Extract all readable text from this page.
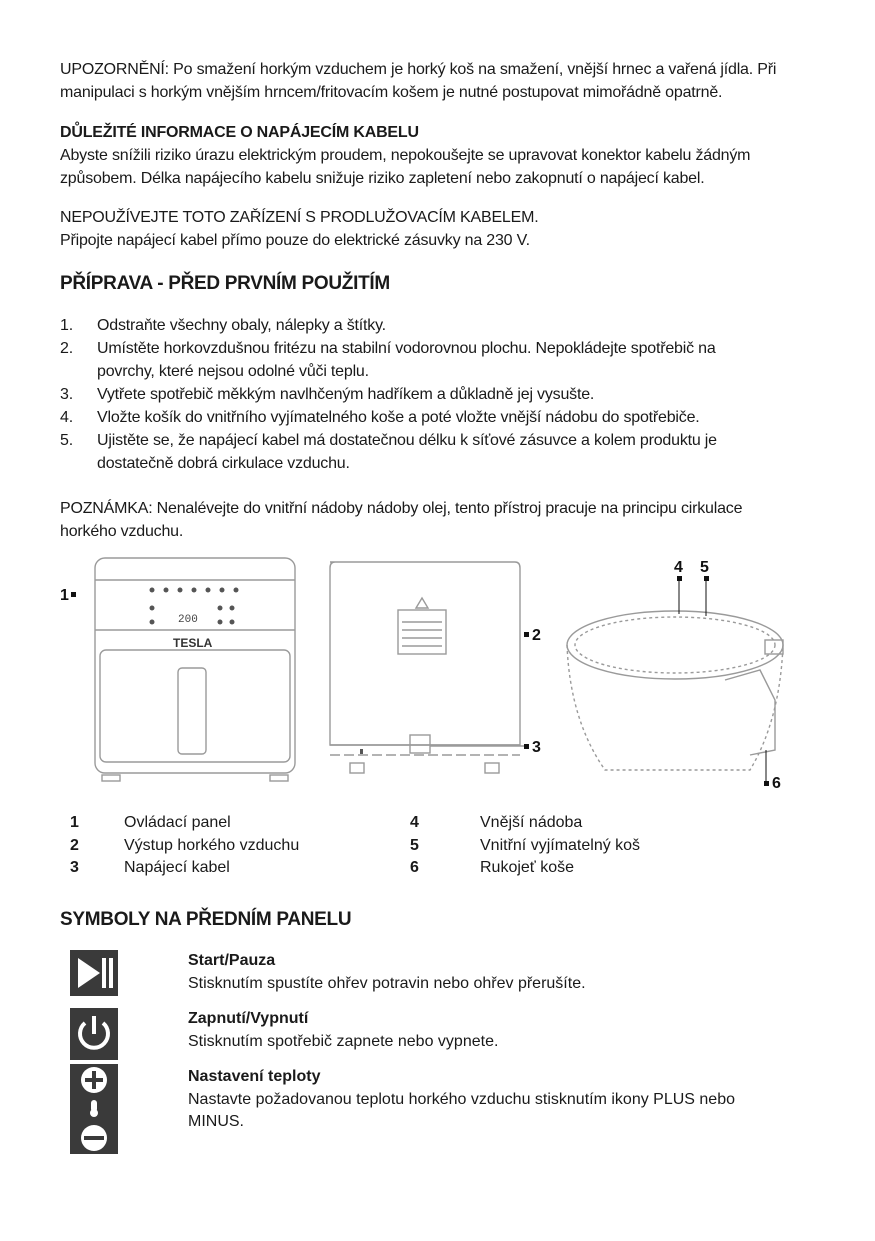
UPOZORNĚNÍ: Po smažení horkým vzduchem je horký koš na smažení, vnější hrnec a vařená jídla. Při
manipulaci s horkým vnějším hrncem/fritovacím košem je nutné postupovat mimořádně opatrně.

DŮLEŽITÉ INFORMACE O NAPÁJECÍM KABELU

Abyste snížili riziko úrazu elektrickým proudem, nepokoušejte se upravovat konektor kabelu žádným
způsobem. Délka napájecího kabelu snižuje riziko zapletení nebo zakopnutí o napájecí kabel.

NEPOUŽÍVEJTE TOTO ZAŘÍZENÍ S PRODLUŽOVACÍM KABELEM.
Připojte napájecí kabel přímo pouze do elektrické zásuvky na 230 V.

PŘÍPRAVA - PŘED PRVNÍM POUŽITÍM
1. Odstraňte všechny obaly, nálepky a štítky.
2. Umístěte horkovzdušnou fritézu na stabilní vodorovnou plochu. Nepokládejte spotřebič na
povrchy, které nejsou odolné vůči teplu.
3. Vytřete spotřebič měkkým navlhčeným hadříkem a důkladně jej vysušte.
4. Vložte košík do vnitřního vyjímatelného koše a poté vložte vnější nádobu do spotřebiče.
5. Ujistěte se, že napájecí kabel má dostatečnou délku k síťové zásuvce a kolem produktu je
dostatečně dobrá cirkulace vzduchu.

POZNÁMKA: Nenalévejte do vnitřní nádoby nádoby olej, tento přístroj pracuje na principu cirkulace
horkého vzduchu.

200
TESLA
1
2
3
4 5
6
1	Ovládací panel	4	Vnější nádoba
2	Výstup horkého vzduchu	5	Vnitřní vyjímatelný koš
3	Napájecí kabel	6	Rukojeť koše
SYMBOLY NA PŘEDNÍM PANELU
Start/Pauza
Stisknutím spustíte ohřev potravin nebo ohřev přerušíte.
Zapnutí/Vypnutí
Stisknutím spotřebič zapnete nebo vypnete.
Nastavení teploty
Nastavte požadovanou teplotu horkého vzduchu stisknutím ikony PLUS nebo
MINUS.
